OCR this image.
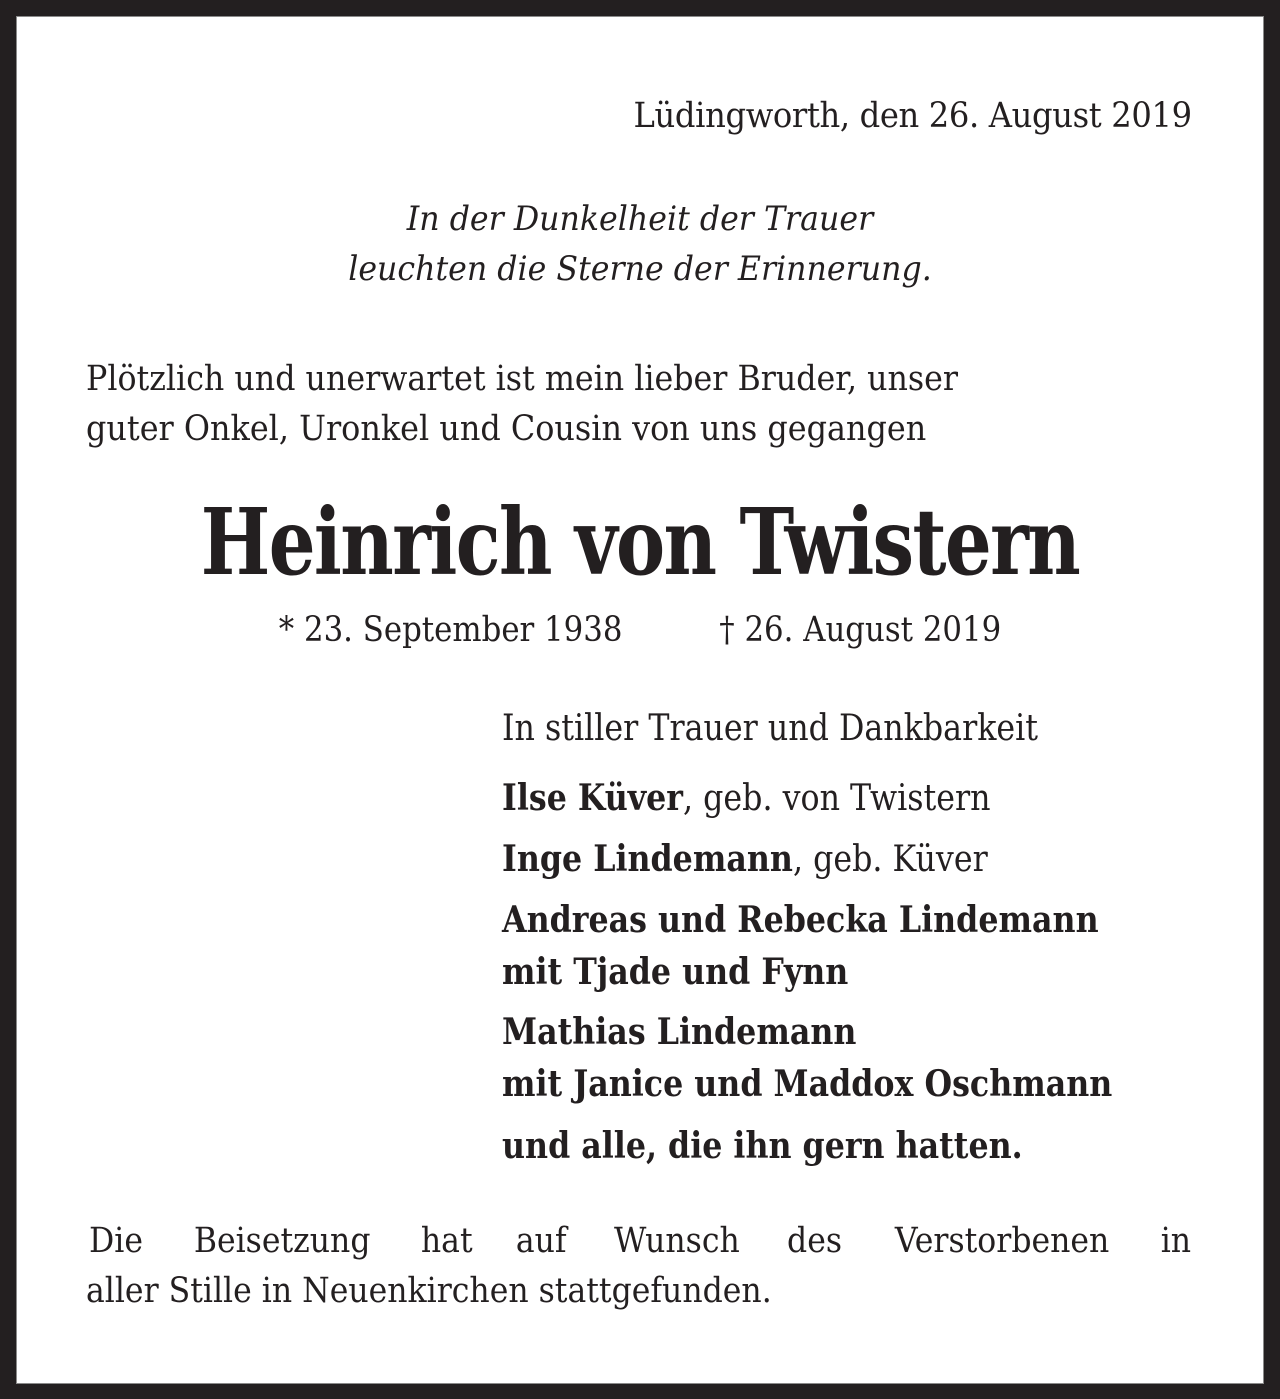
Lüdingworth, den 26. August 2019
In der Dunkelheit der Trauer
leuchten die Sterne der Erinnerung.
Plötzlich und unerwartet ist mein lieber Bruder, unser
guter Onkel, Uronkel und Cousin von uns gegangen
Heinrich von Twistern
* 23. September 1938	† 26. August 2019
In stiller Trauer und Dankbarkeit
Ilse Küver, geb. von Twistern
Inge Lindemann, geb. Küver
Andreas und Rebecka Lindemann
mit Tjade und Fynn
Mathias Lindemann
mit Janice und Maddox Oschmann
und alle, die ihn gern hatten.
Die Beisetzung hat auf Wunsch des Verstorbenen in
aller Stille in Neuenkirchen stattgefunden.
